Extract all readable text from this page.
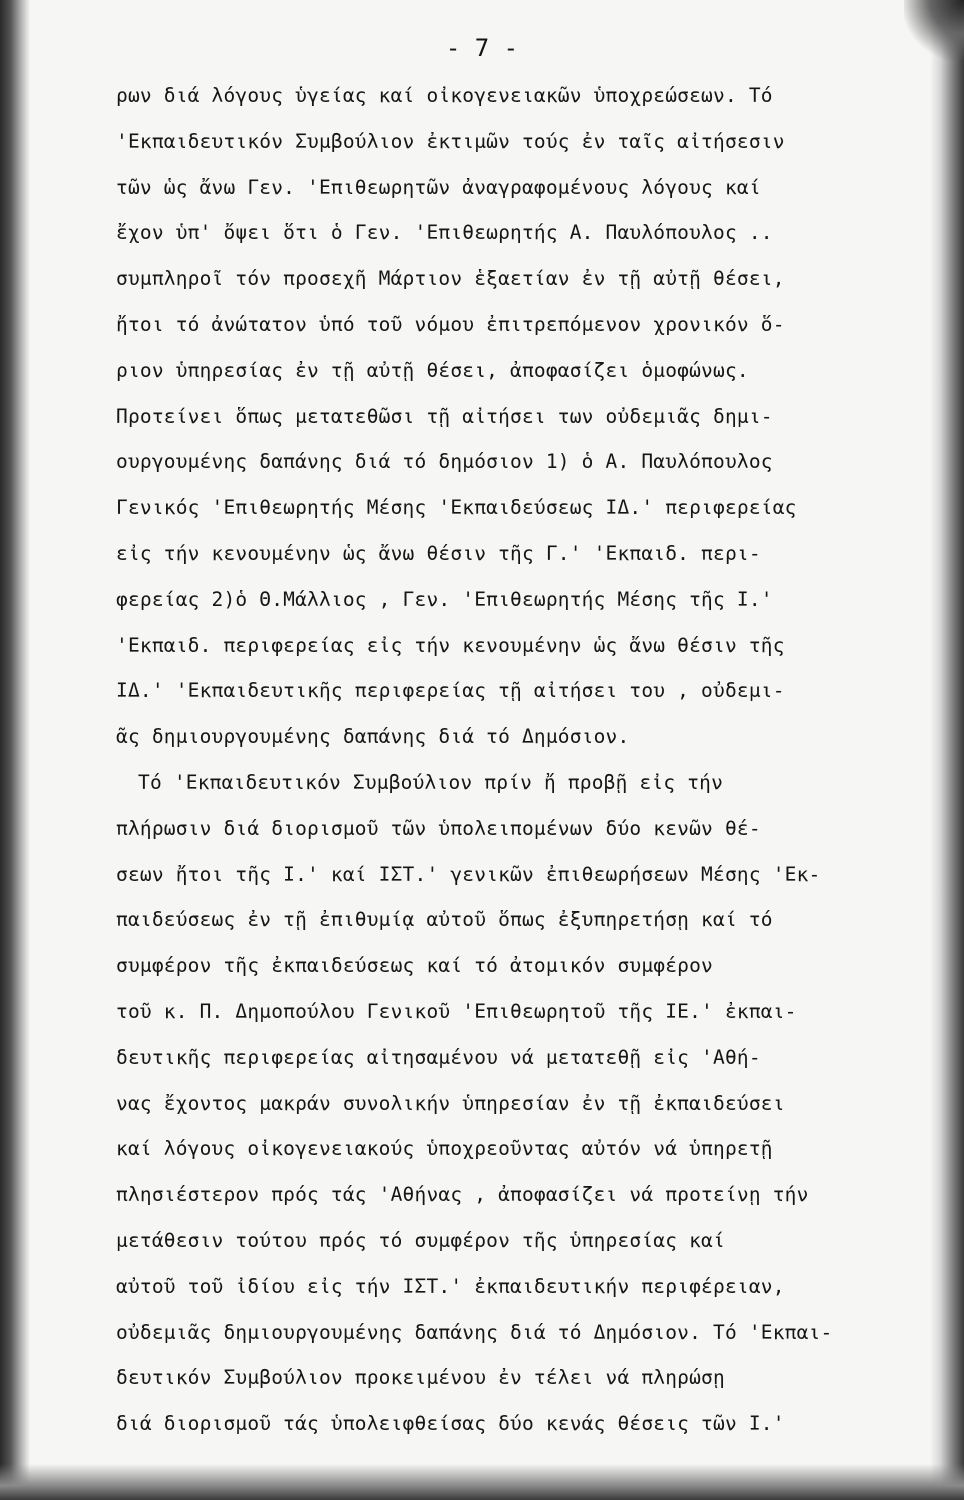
- 7 -
ρων διά λόγους ὑγείας καί οἰκογενειακῶν ὑποχρεώσεων. Τό
'Εκπαιδευτικόν Συμβούλιον ἐκτιμῶν τούς ἐν ταῖς αἰτήσεσιν
τῶν ὡς ἄνω Γεν. 'Επιθεωρητῶν ἀναγραφομένους λόγους καί
ἔχον ὑπ' ὄψει ὅτι ὁ Γεν. 'Επιθεωρητής Α. Παυλόπουλος ..
συμπληροῖ τόν προσεχῆ Μάρτιον ἑξαετίαν ἐν τῇ αὐτῇ θέσει,
ἤτοι τό ἀνώτατον ὑπό τοῦ νόμου ἐπιτρεπόμενον χρονικόν ὅ-
ριον ὑπηρεσίας ἐν τῇ αὐτῇ θέσει, ἀποφασίζει ὁμοφώνως.
Προτείνει ὅπως μετατεθῶσι τῇ αἰτήσει των οὐδεμιᾶς δημι-
ουργουμένης δαπάνης διά τό δημόσιον 1) ὁ Α. Παυλόπουλος
Γενικός 'Επιθεωρητής Μέσης 'Εκπαιδεύσεως ΙΔ.' περιφερείας
εἰς τήν κενουμένην ὡς ἄνω θέσιν τῆς Γ.' 'Εκπαιδ. περι-
φερείας 2)ὁ Θ.Μάλλιος , Γεν. 'Επιθεωρητής Μέσης τῆς Ι.'
'Εκπαιδ. περιφερείας εἰς τήν κενουμένην ὡς ἄνω θέσιν τῆς
ΙΔ.' 'Εκπαιδευτικῆς περιφερείας τῇ αἰτήσει του , οὐδεμι-
ᾶς δημιουργουμένης δαπάνης διά τό Δημόσιον.
Τό 'Εκπαιδευτικόν Συμβούλιον πρίν ἤ προβῇ εἰς τήν
πλήρωσιν διά διορισμοῦ τῶν ὑπολειπομένων δύο κενῶν θέ-
σεων ἤτοι τῆς Ι.' καί ΙΣΤ.' γενικῶν ἐπιθεωρήσεων Μέσης 'Εκ-
παιδεύσεως ἐν τῇ ἐπιθυμίᾳ αὐτοῦ ὅπως ἐξυπηρετήσῃ καί τό
συμφέρον τῆς ἐκπαιδεύσεως καί τό ἀτομικόν συμφέρον
τοῦ κ. Π. Δημοπούλου Γενικοῦ 'Επιθεωρητοῦ τῆς ΙΕ.' ἐκπαι-
δευτικῆς περιφερείας αἰτησαμένου νά μετατεθῇ εἰς 'Αθή-
νας ἔχοντος μακράν συνολικήν ὑπηρεσίαν ἐν τῇ ἐκπαιδεύσει
καί λόγους οἰκογενειακούς ὑποχρεοῦντας αὐτόν νά ὑπηρετῇ
πλησιέστερον πρός τάς 'Αθήνας , ἀποφασίζει νά προτείνῃ τήν
μετάθεσιν τούτου πρός τό συμφέρον τῆς ὑπηρεσίας καί
αὐτοῦ τοῦ ἰδίου εἰς τήν ΙΣΤ.' ἐκπαιδευτικήν περιφέρειαν,
οὐδεμιᾶς δημιουργουμένης δαπάνης διά τό Δημόσιον. Τό 'Εκπαι-
δευτικόν Συμβούλιον προκειμένου ἐν τέλει νά πληρώσῃ
διά διορισμοῦ τάς ὑπολειφθείσας δύο κενάς θέσεις τῶν Ι.'
